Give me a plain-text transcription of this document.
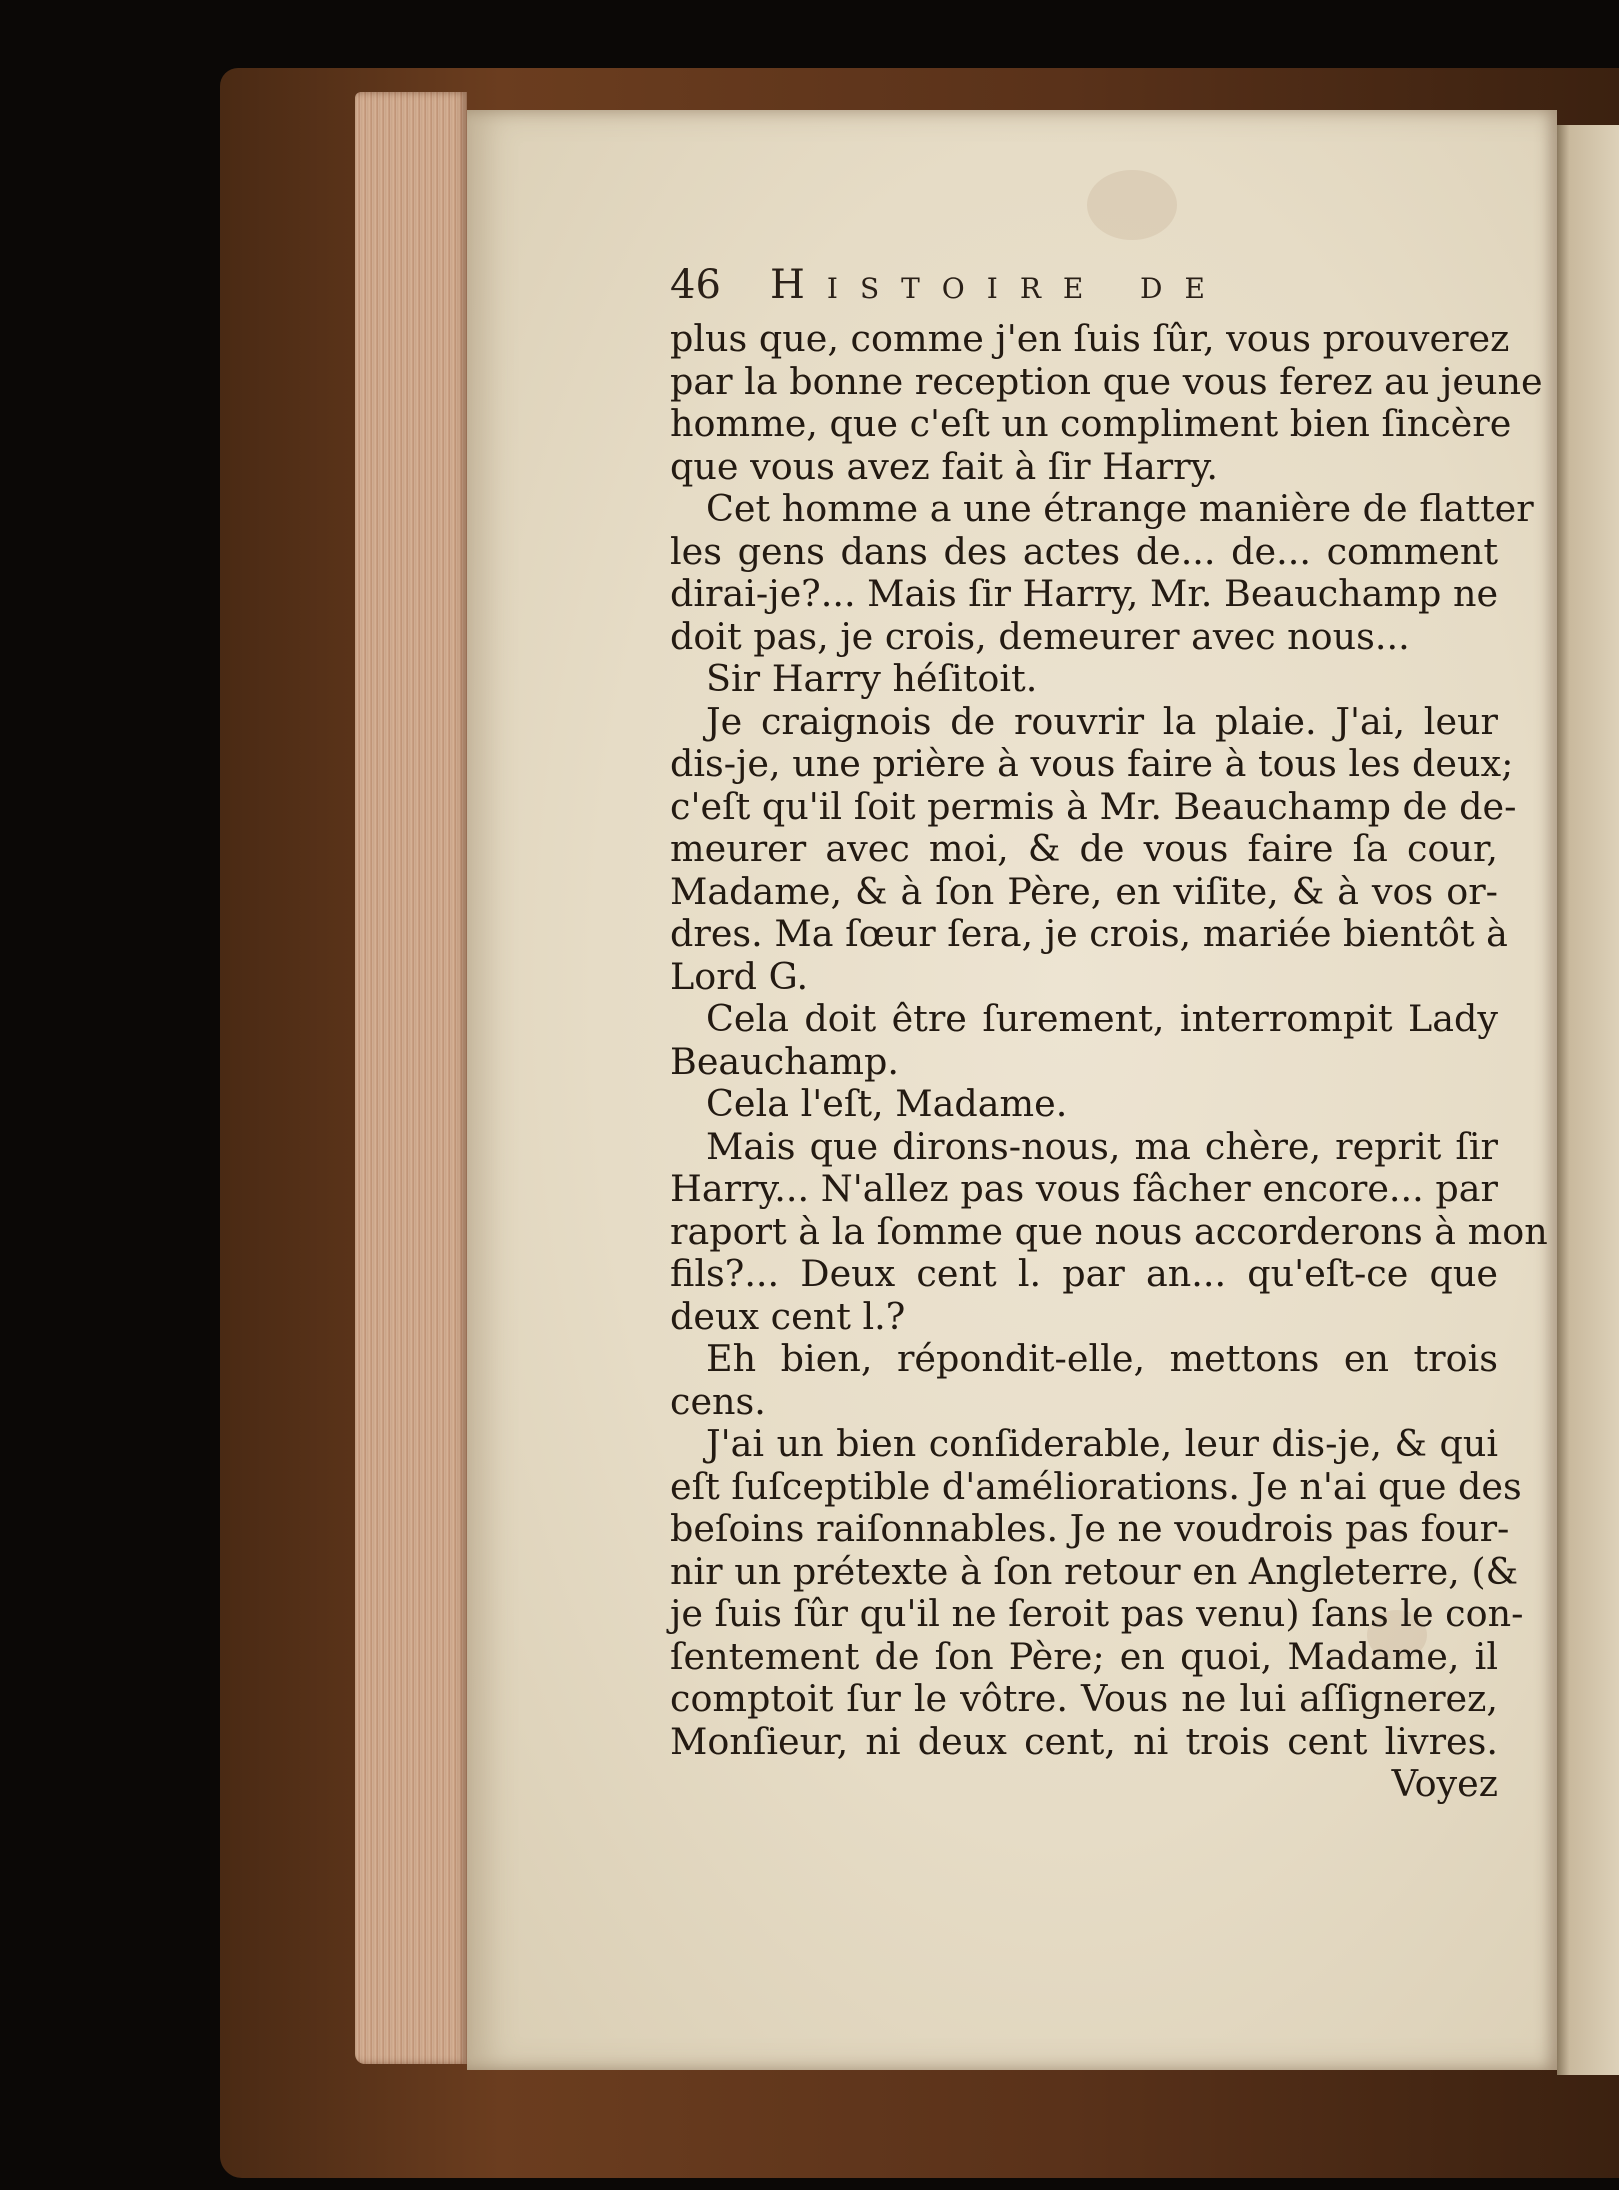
46 Histoire de
plus que, comme j'en ſuis ſûr, vous prouverez
par la bonne reception que vous ferez au jeune
homme, que c'eſt un compliment bien ſincère
que vous avez fait à ſir Harry.
Cet homme a une étrange manière de flatter
les gens dans des actes de... de... comment
dirai-je?... Mais ſir Harry, Mr. Beauchamp ne
doit pas, je crois, demeurer avec nous...
Sir Harry héſitoit.
Je craignois de rouvrir la plaie. J'ai, leur
dis-je, une prière à vous faire à tous les deux;
c'eſt qu'il ſoit permis à Mr. Beauchamp de de-
meurer avec moi, & de vous faire ſa cour,
Madame, & à ſon Père, en viſite, & à vos or-
dres. Ma ſœur ſera, je crois, mariée bientôt à
Lord G.
Cela doit être ſurement, interrompit Lady
Beauchamp.
Cela l'eſt, Madame.
Mais que dirons-nous, ma chère, reprit ſir
Harry... N'allez pas vous fâcher encore... par
raport à la ſomme que nous accorderons à mon
fils?... Deux cent l. par an... qu'eſt-ce que
deux cent l.?
Eh bien, répondit-elle, mettons en trois
cens.
J'ai un bien conſiderable, leur dis-je, & qui
eſt ſuſceptible d'améliorations. Je n'ai que des
beſoins raiſonnables. Je ne voudrois pas four-
nir un prétexte à ſon retour en Angleterre, (&
je ſuis ſûr qu'il ne ſeroit pas venu) ſans le con-
ſentement de ſon Père; en quoi, Madame, il
comptoit ſur le vôtre. Vous ne lui aſſignerez,
Monſieur, ni deux cent, ni trois cent livres.
Voyez
